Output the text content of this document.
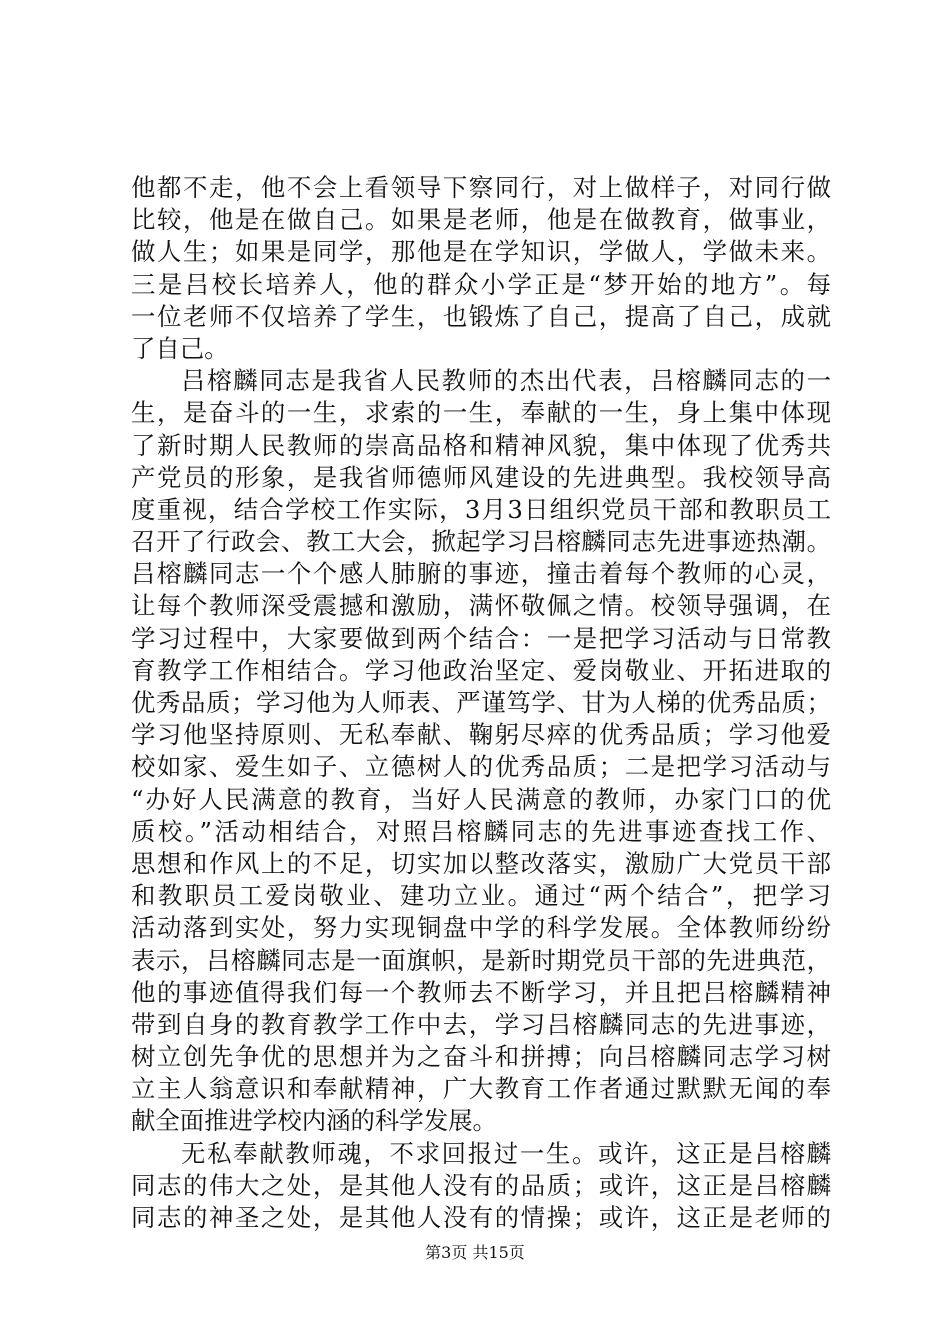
他都不走，他不会上看领导下察同行，对上做样子，对同行做
比较，他是在做自己。如果是老师，他是在做教育，做事业，
做人生；如果是同学，那他是在学知识，学做人，学做未来。
三是吕校长培养人，他的群众小学正是“梦开始的地方”。每
一位老师不仅培养了学生，也锻炼了自己，提高了自己，成就
了自己。
吕榕麟同志是我省人民教师的杰出代表，吕榕麟同志的一
生，是奋斗的一生，求索的一生，奉献的一生，身上集中体现
了新时期人民教师的崇高品格和精神风貌，集中体现了优秀共
产党员的形象，是我省师德师风建设的先进典型。我校领导高
度重视，结合学校工作实际，3月3日组织党员干部和教职员工
召开了行政会、教工大会，掀起学习吕榕麟同志先进事迹热潮。
吕榕麟同志一个个感人肺腑的事迹，撞击着每个教师的心灵，
让每个教师深受震撼和激励，满怀敬佩之情。校领导强调，在
学习过程中，大家要做到两个结合：一是把学习活动与日常教
育教学工作相结合。学习他政治坚定、爱岗敬业、开拓进取的
优秀品质；学习他为人师表、严谨笃学、甘为人梯的优秀品质；
学习他坚持原则、无私奉献、鞠躬尽瘁的优秀品质；学习他爱
校如家、爱生如子、立德树人的优秀品质；二是把学习活动与
“办好人民满意的教育，当好人民满意的教师，办家门口的优
质校。”活动相结合，对照吕榕麟同志的先进事迹查找工作、
思想和作风上的不足，切实加以整改落实，激励广大党员干部
和教职员工爱岗敬业、建功立业。通过“两个结合”，把学习
活动落到实处，努力实现铜盘中学的科学发展。全体教师纷纷
表示，吕榕麟同志是一面旗帜，是新时期党员干部的先进典范，
他的事迹值得我们每一个教师去不断学习，并且把吕榕麟精神
带到自身的教育教学工作中去，学习吕榕麟同志的先进事迹，
树立创先争优的思想并为之奋斗和拼搏；向吕榕麟同志学习树
立主人翁意识和奉献精神，广大教育工作者通过默默无闻的奉
献全面推进学校内涵的科学发展。
无私奉献教师魂，不求回报过一生。或许，这正是吕榕麟
同志的伟大之处，是其他人没有的品质；或许，这正是吕榕麟
同志的神圣之处，是其他人没有的情操；或许，这正是老师的
第3页 共15页
